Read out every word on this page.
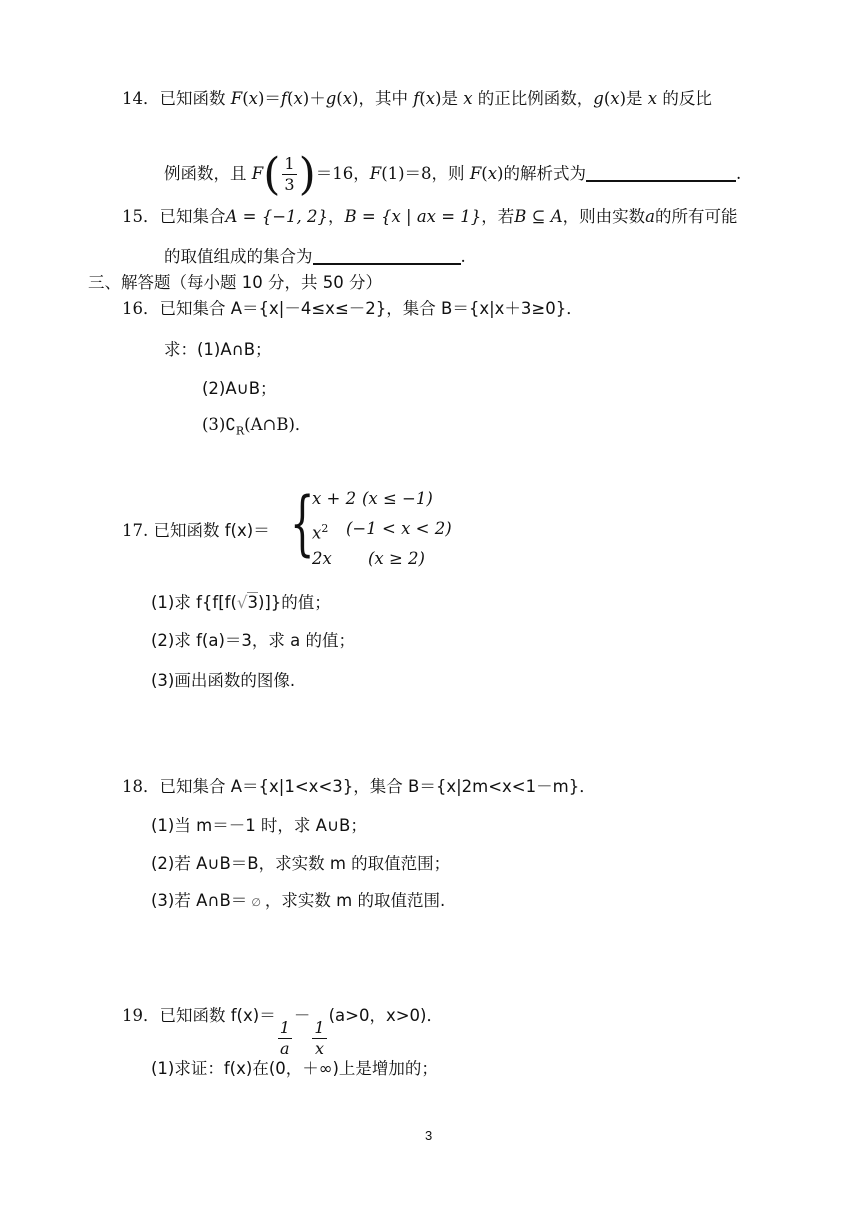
14．已知函数 F(x)＝f(x)＋g(x)，其中 f(x)是 x 的正比例函数，g(x)是 x 的反比
例函数，且 $F( \frac{1}{3} )=16$，F(1)＝8，则 F(x)的解析式为	.
15．已知集合A = {−1, 2}，B = {x | ax = 1}，若B ⊆ A，则由实数a的所有可能
的取值组成的集合为	.
三、解答题（每小题 10 分，共 50 分）
16．已知集合 A＝{x|－4≤x≤－2}，集合 B＝{x|x＋3≥0}．
求：(1)A∩B；
(2)A∪B；
$(3)∁_R(A\cap B)$．
17. 已知函数 f(x)＝ {
x + 2 (x ≤ −1)
$x^2$ (−1 < x < 2)
2x (x ≥ 2)
(1)求 f{f[f(√3)]}的值；
(2)求 f(a)＝3，求 a 的值；
(3)画出函数的图像.
18．已知集合 A＝{x|1<x<3}，集合 B＝{x|2m<x<1－m}．
(1)当 m＝－1 时，求 A∪B；
(2)若 A∪B＝B，求实数 m 的取值范围；
(3)若 A∩B＝ ∅ ，求实数 m 的取值范围.
19．已知函数 f(x)＝
$\frac{1}{a}$
－
$\frac{1}{x}$
(a>0，x>0)．
(1)求证：f(x)在(0，＋∞)上是增加的；
3
